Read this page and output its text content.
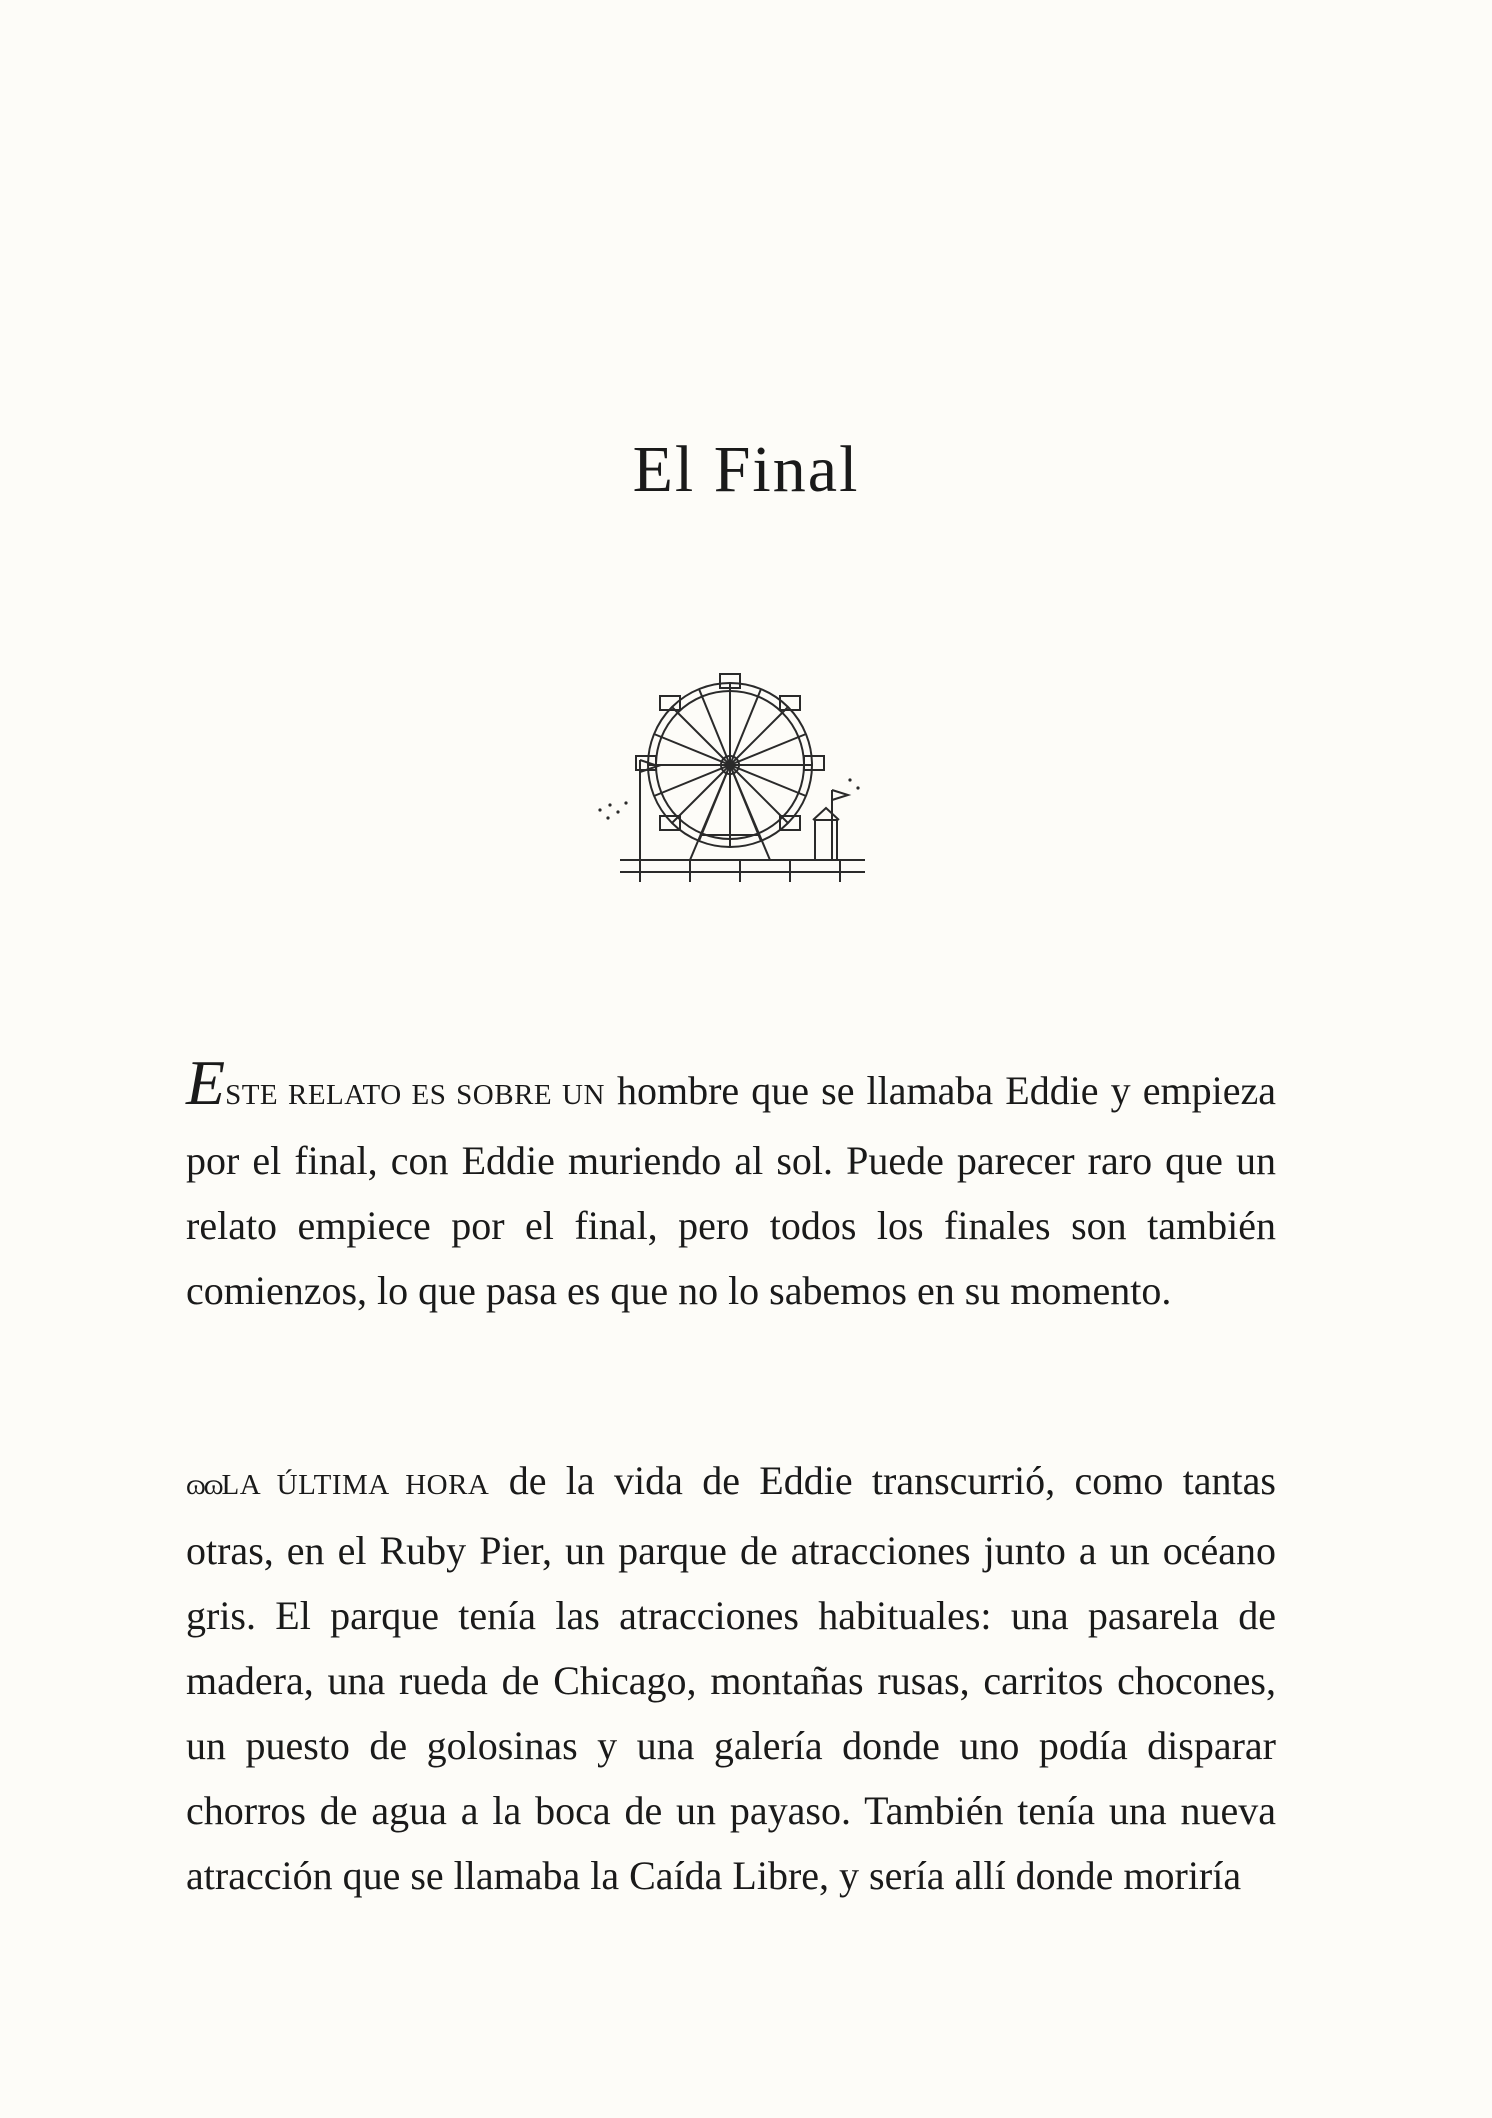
El Final

ESTE RELATO ES SOBRE UN hombre que se llamaba Eddie y empieza por el final, con Eddie muriendo al sol. Puede parecer raro que un relato empiece por el final, pero todos los finales son también comienzos, lo que pasa es que no lo sabemos en su momento.

ɷɷLA ÚLTIMA HORA de la vida de Eddie transcurrió, como tantas otras, en el Ruby Pier, un parque de atracciones junto a un océano gris. El parque tenía las atracciones habituales: una pasarela de madera, una rueda de Chicago, montañas rusas, carritos chocones, un puesto de golosinas y una galería donde uno podía disparar chorros de agua a la boca de un payaso. También tenía una nueva atracción que se llamaba la Caída Libre, y sería allí donde moriría
